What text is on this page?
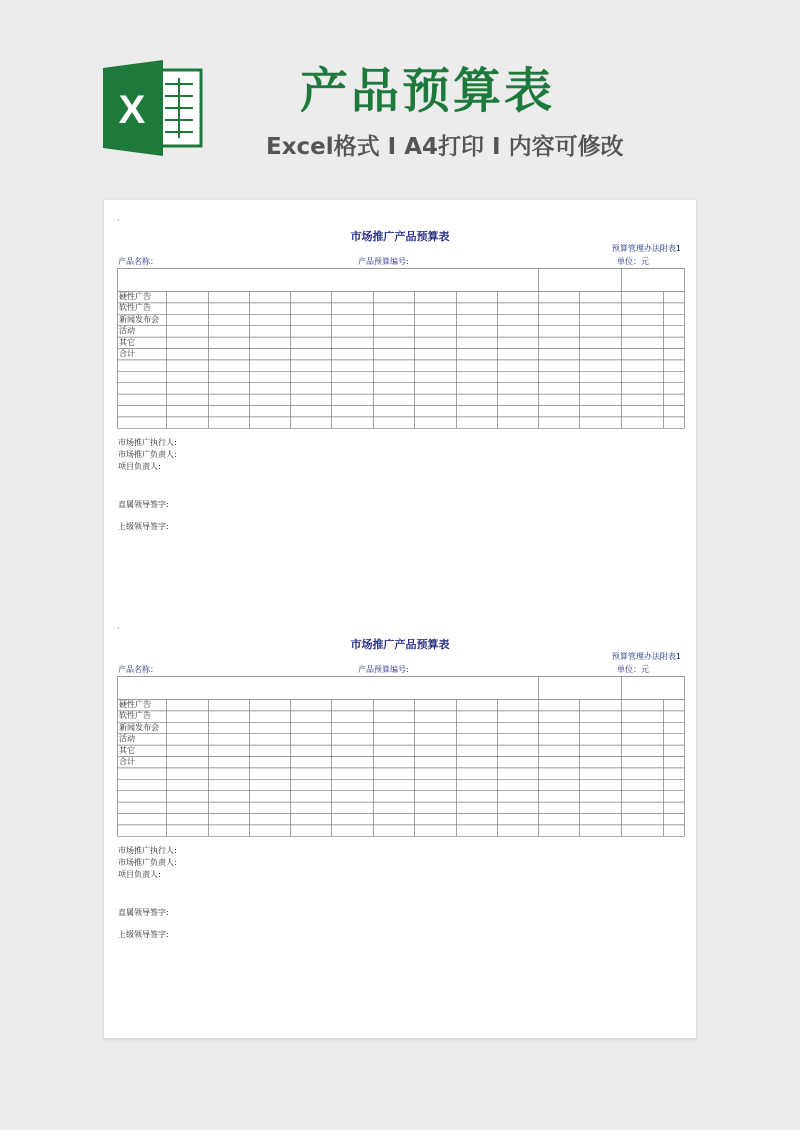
X	产品预算表
Excel格式 I A4打印 I 内容可修改
·
市场推广产品预算表
预算管理办法附表1
产品名称：	产品预算编号:	单位：元
硬性广告
软性广告
新闻发布会
活动
其它
合计
市场推广执行人:
市场推广负责人:
项目负责人:
直属领导签字:
上级领导签字:
·
市场推广产品预算表
预算管理办法附表1
产品名称：	产品预算编号:	单位：元
硬性广告
软性广告
新闻发布会
活动
其它
合计
市场推广执行人:
市场推广负责人:
项目负责人:
直属领导签字:
上级领导签字:
